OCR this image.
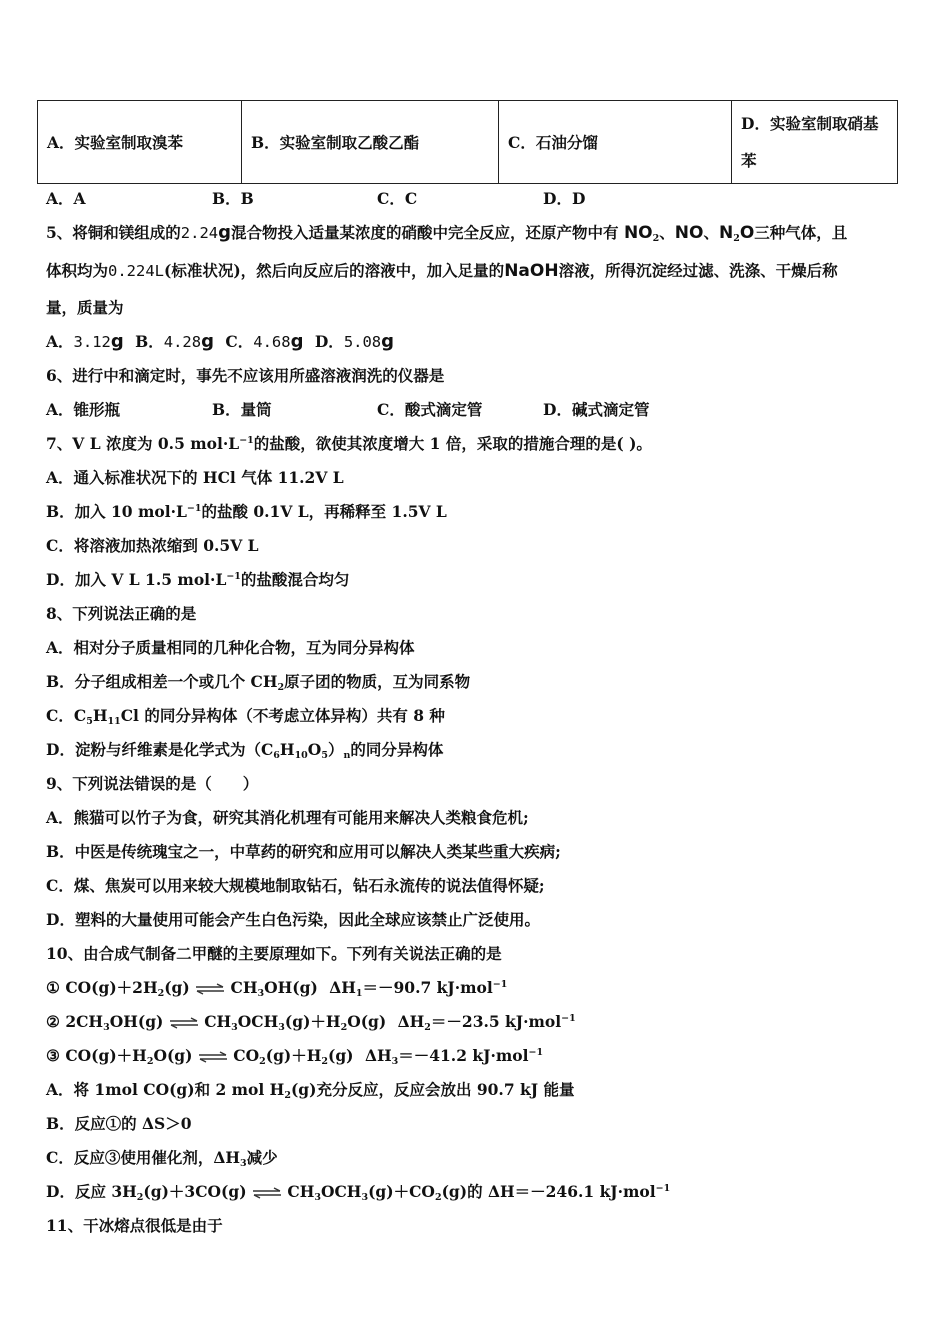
A．实验室制取溴苯	B．实验室制取乙酸乙酯	C．石油分馏	D．实验室制取硝基
苯
A．A	B．B	C．C	D．D
5、将铜和镁组成的2.24g混合物投入适量某浓度的硝酸中完全反应，还原产物中有 $NO_2$、NO、$N_2O$三种气体，且
体积均为0.224L(标准状况)，然后向反应后的溶液中，加入足量的NaOH溶液，所得沉淀经过滤、洗涤、干燥后称
量，质量为
A．3.12g B．4.28g C．4.68g D．5.08g
6、进行中和滴定时，事先不应该用所盛溶液润洗的仪器是
A．锥形瓶	B．量筒	C．酸式滴定管	D．碱式滴定管
7、V L 浓度为 0.5 $mol\cdot L^{-1}$的盐酸，欲使其浓度增大 1 倍，采取的措施合理的是( )。
A．通入标准状况下的 HCl 气体 11.2V L
B．加入 10 $mol\cdot L^{-1}$的盐酸 0.1V L，再稀释至 1.5V L
C．将溶液加热浓缩到 0.5V L
D．加入 V L 1.5 $mol\cdot L^{-1}$的盐酸混合均匀
8、下列说法正确的是
A．相对分子质量相同的几种化合物，互为同分异构体
B．分子组成相差一个或几个 $CH_2$原子团的物质，互为同系物
C．$C_5H_{11}Cl$ 的同分异构体（不考虑立体异构）共有 8 种
D．淀粉与纤维素是化学式为$(C_6H_{10}O_5)_n$的同分异构体
9、下列说法错误的是（　　）
A．熊猫可以竹子为食，研究其消化机理有可能用来解决人类粮食危机;
B．中医是传统瑰宝之一，中草药的研究和应用可以解决人类某些重大疾病;
C．煤、焦炭可以用来较大规模地制取钻石，钻石永流传的说法值得怀疑;
D．塑料的大量使用可能会产生白色污染，因此全球应该禁止广泛使用。
10、由合成气制备二甲醚的主要原理如下。下列有关说法正确的是
① $CO(g)+2H_2(g)$ ⇌ $CH_3OH(g)$ $\Delta H_1=-90.7$ kJ·mol$^{-1}$
② $2CH_3OH(g)$ ⇌ $CH_3OCH_3(g)+H_2O(g)$ $\Delta H_2=-23.5$ kJ·mol$^{-1}$
③ $CO(g)+H_2O(g)$ ⇌ $CO_2(g)+H_2(g)$ $\Delta H_3=-41.2$ kJ·mol$^{-1}$
A．将 1mol CO(g)和 2 mol $H_2(g)$充分反应，反应会放出 90.7 kJ 能量
B．反应①的 ΔS＞0
C．反应③使用催化剂，$\Delta H_3$减少
D．反应 $3H_2(g)+3CO(g)$ ⇌ $CH_3OCH_3(g)+CO_2(g)$的 ΔH＝－246.1 kJ·mol$^{-1}$
11、干冰熔点很低是由于
